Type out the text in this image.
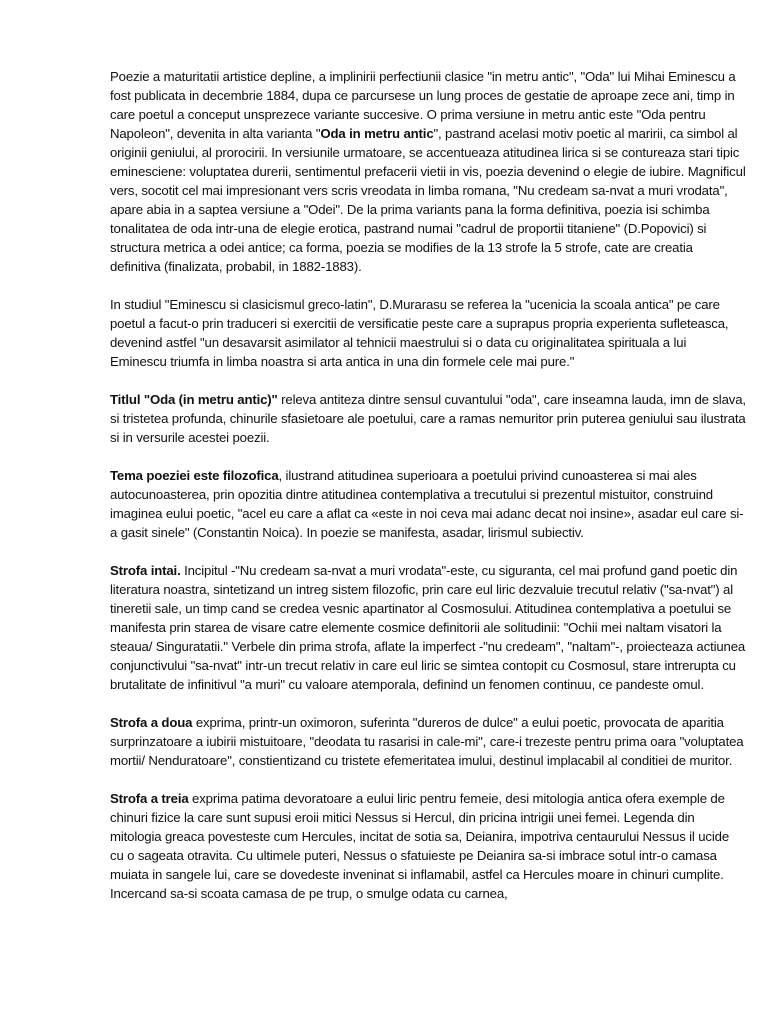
Poezie a maturitatii artistice depline, a implinirii perfectiunii clasice "in metru antic", "Oda" lui Mihai Eminescu a fost publicata in decembrie 1884, dupa ce parcursese un lung proces de gestatie de aproape zece ani, timp in care poetul a conceput unsprezece variante succesive. O prima versiune in metru antic este "Oda pentru Napoleon", devenita in alta varianta "Oda in metru antic", pastrand acelasi motiv poetic al maririi, ca simbol al originii geniului, al prorocirii. In versiunile urmatoare, se accentueaza atitudinea lirica si se contureaza stari tipic eminesciene: voluptatea durerii, sentimentul prefacerii vietii in vis, poezia devenind o elegie de iubire. Magnificul vers, socotit cel mai impresionant vers scris vreodata in limba romana, "Nu credeam sa-nvat a muri vrodata", apare abia in a saptea versiune a "Odei". De la prima variants pana la forma definitiva, poezia isi schimba tonalitatea de oda intr-una de elegie erotica, pastrand numai "cadrul de proportii titaniene" (D.Popovici) si structura metrica a odei antice; ca forma, poezia se modifies de la 13 strofe la 5 strofe, cate are creatia definitiva (finalizata, probabil, in 1882-1883).

In studiul "Eminescu si clasicismul greco-latin", D.Murarasu se referea la "ucenicia la scoala antica" pe care poetul a facut-o prin traduceri si exercitii de versificatie peste care a suprapus propria experienta sufleteasca, devenind astfel "un desavarsit asimilator al tehnicii maestrului si o data cu originalitatea spirituala a lui Eminescu triumfa in limba noastra si arta antica in una din formele cele mai pure."

Titlul "Oda (in metru antic)" releva antiteza dintre sensul cuvantului "oda", care inseamna lauda, imn de slava, si tristetea profunda, chinurile sfasietoare ale poetului, care a ramas nemuritor prin puterea geniului sau ilustrata si in versurile acestei poezii.

Tema poeziei este filozofica, ilustrand atitudinea superioara a poetului privind cunoasterea si mai ales autocunoasterea, prin opozitia dintre atitudinea contemplativa a trecutului si prezentul mistuitor, construind imaginea eului poetic, "acel eu care a aflat ca «este in noi ceva mai adanc decat noi insine», asadar eul care si-a gasit sinele" (Constantin Noica). In poezie se manifesta, asadar, lirismul subiectiv.

Strofa intai. Incipitul -"Nu credeam sa-nvat a muri vrodata"-este, cu siguranta, cel mai profund gand poetic din literatura noastra, sintetizand un intreg sistem filozofic, prin care eul liric dezvaluie trecutul relativ ("sa-nvat") al tineretii sale, un timp cand se credea vesnic apartinator al Cosmosului. Atitudinea contemplativa a poetului se manifesta prin starea de visare catre elemente cosmice definitorii ale solitudinii: "Ochii mei naltam visatori la steaua/ Singuratatii." Verbele din prima strofa, aflate la imperfect -"nu credeam", "naltam"-, proiecteaza actiunea conjunctivului "sa-nvat" intr-un trecut relativ in care eul liric se simtea contopit cu Cosmosul, stare intrerupta cu brutalitate de infinitivul "a muri" cu valoare atemporala, definind un fenomen continuu, ce pandeste omul.

Strofa a doua exprima, printr-un oximoron, suferinta "dureros de dulce" a eului poetic, provocata de aparitia surprinzatoare a iubirii mistuitoare, "deodata tu rasarisi in cale-mi", care-i trezeste pentru prima oara "voluptatea mortii/ Nenduratoare", constientizand cu tristete efemeritatea imului, destinul implacabil al conditiei de muritor.

Strofa a treia exprima patima devoratoare a eului liric pentru femeie, desi mitologia antica ofera exemple de chinuri fizice la care sunt supusi eroii mitici Nessus si Hercul, din pricina intrigii unei femei. Legenda din mitologia greaca povesteste cum Hercules, incitat de sotia sa, Deianira, impotriva centaurului Nessus il ucide cu o sageata otravita. Cu ultimele puteri, Nessus o sfatuieste pe Deianira sa-si imbrace sotul intr-o camasa muiata in sangele lui, care se dovedeste inveninat si inflamabil, astfel ca Hercules moare in chinuri cumplite. Incercand sa-si scoata camasa de pe trup, o smulge odata cu carnea,
